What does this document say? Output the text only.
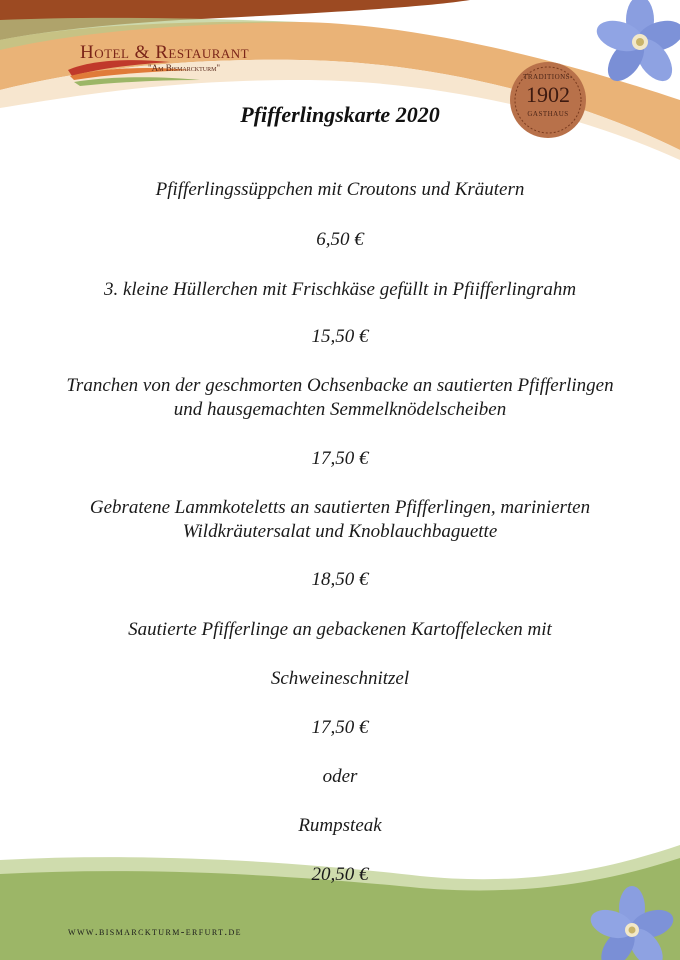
Hotel & Restaurant
"Am Bismarckturm"
TRADITIONS-
1902
GASTHAUS
Pfifferlingskarte 2020
Pfifferlingssüppchen mit Croutons und Kräutern
6,50 €
3. kleine Hüllerchen mit Frischkäse gefüllt in Pfiifferlingrahm
15,50 €
Tranchen von der geschmorten Ochsenbacke an sautierten Pfifferlingen
und hausgemachten Semmelknödelscheiben
17,50 €
Gebratene Lammkoteletts an sautierten Pfifferlingen, marinierten
Wildkräutersalat und Knoblauchbaguette
18,50 €
Sautierte Pfifferlinge an gebackenen Kartoffelecken mit
Schweineschnitzel
17,50 €
oder
Rumpsteak
20,50 €
www.bismarckturm-erfurt.de
